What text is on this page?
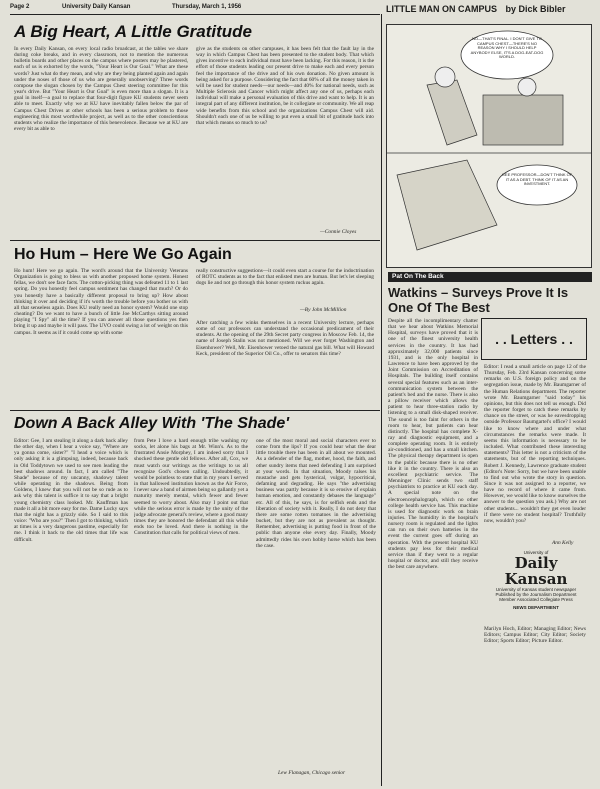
Page 2	University Daily Kansan	Thursday, March 1, 1956
A Big Heart, A Little Gratitude
In every Daily Kansan, on every local radio broadcast, at the tables we share during coke breaks, and in every classroom, not to mention the numerous bulletin boards and other places on the campus where posters may be plastered, each of us is exhorted by the words, "Your Heart is Our Goal." What are these words? Just what do they mean, and why are they being planted again and again under the noses of those of us who are generally unobserving? Three words compose the slogan chosen by the Campus Chest steering committee for this year's drive. But "Your Heart is Our Goal" is even more than a slogan. It is a goal in itself—a goal to replace that four-digit figure KU students never seem able to meet. Exactly why we at KU have inevitably fallen below the par of Campus Chest Drives at other schools has been a serious problem to those engineering this most worthwhile project, as well as to the other conscientious students who realize the importance of this benevolence. Because we at KU are every bit as able to
give as the students on other campuses, it has been felt that the fault lay in the way in which Campus Chest has been presented to the student body. That which gives incentive to each individual must have been lacking. For this reason, it is the effort of those students leading our present drive to make each and every person feel the importance of the drive and of his own donation. No given amount is being asked for a purpose. Considering the fact that 60% of all the money taken in will be used for student needs—our needs—and 40% for national needs, such as Multiple Sclerosis and Cancer which might affect any one of us, perhaps each individual will make a personal evaluation of this drive and want to help. It is an integral part of any different institution, be it collegiate or community. We all reap wide benefits from this school and the organizations Campus Chest will aid. Shouldn't each one of us be willing to put even a small bit of gratitude back into that which means so much to us?
—Connie Cloyes
Ho Hum – Here We Go Again
Ho hum! Here we go again. The word's around that the University Veterans Organization is going to bless us with another proposed home system. Honest fellas, we don't see face facts. The cotton-picking thing was defeated 11 to 1 last spring. Do you honestly feel campus sentiment has changed that much? Or do you honestly have a basically different proposal to bring up? How about thinking it over and deciding if it's worth the trouble before you bother us with all that senseless again. Does KU really need an honor system? Would one stop cheating? Do we want to have a bunch of little Joe McCarthys sitting around playing "I Spy" all the time? If you can answer all those questions yes then bring it up and maybe it will pass. The UVO could swing a lot of weight on this campus. It seems as if it could come up with some
really constructive suggestions—it could even start a course for the indoctrination of ROTC students as to the fact that enlisted men are human. But let's let sleeping dogs lie and not go through this honor system ruckus again.
—By John McMillion
After catching a few winks themselves in a recent University lecture, perhaps some of our professors can understand the occasional predicament of their students. At the opening of the 29th Secret party congress in Moscow Feb. 14, the name of Joseph Stalin was not mentioned. Will we ever forget Washington and Eisenhower? Well, Mr. Eisenhower vetoed the natural gas bill. What will Howard Keck, president of the Superior Oil Co., offer to senators this time?
Down A Back Alley With 'The Shade'
Editor: Gee, I am stealing it along a dark back alley the other day, when I hear a voice say, "Where are ya gonna come, sister?" "I head a voice which is only asking it is a glimpsing, indeed, because back in Old Toddytown we used to see men leading the best shadows around. In fact, I am called "The Shade" because of my uncanny, shadowy talent while operating in the shadows. Being from Goldens, I knew that you will not be so rude as to ask why this talent is suffice it to say that a bright young chemistry class looked. Mr. Kauffman has made it all a bit more easy for me. Dame Lucky says that the night has a grizzly side. So I said to this voice: "Who are you?" Then I got to thinking, which at times is a very dangerous pastime, especially for me. I think it back to the old times that life was difficult.
from Pete I love a hard enough tribe washing my socks, let alone his bags at Mr. Winn's. As to the frustrated Ansie Morphey, I am indeed sorry that I shocked these gentle old fellows. After all, Cox, we must watch our writings as the writings to us all recognize God's chosen calling. Undoubtedly, it would be pointless to state that in my years I served in that hallowed institution known as the Air Force, I never saw a band of airmen being so gallantly yet a maturity merely mental, which fewer and fewer seemed to worry about. Also may I point out that while the serious error is made by the unity of the judge advocate general's review, where a good many times they are honored the defendant all this while ends too be loved. And there is nothing in the Constitution that calls for political views of men.
one of the most moral and social characters ever to come from the lips? If you could hear what the dear little trouble there has been in all about we mounted. As a defender of the flag, mother, hood, the faith, and other sundry items that need defending I am surprised at your words. In that situation, Moody ralses his mustache and gets hysterical, vulgar, hypocritical, defaming and degrading. He says "the advertising business was partly because it is so erosive of explain human emotion, and constantly debases the language" etc. All of this, he says, is for selfish ends and the liberation of society with it. Really, I do not deny that there are some rotten tomatoes in the advertising bucket, but they are not as prevalent as thought. Remember, advertising is putting food in front of the public than anyone else every day. Finally, Moody admittedly rides his own hobby horse which has been the case.
Lew Flanagan, Chicago senior
LITTLE MAN ON CAMPUS by Dick Bibler
NO—THAT'S FINAL. I DON'T GIVE TO CAMPUS CHEST—THERE'S NO REASON WHY I SHOULD HELP ANYBODY ELSE, IT'S A DOG-EAT-DOG WORLD.
GEE PROFESSOR—DON'T THINK OF IT AS A DEBT. THINK OF IT AS AN INVESTMENT.
Pat On The Back
Watkins – Surveys Prove It Is One Of The Best
Despite all the incomplimentary chatter that we hear about Watkins Memorial Hospital, surveys have proved that it is one of the finest university health services in the country. It has had approximately 32,000 patients since 1931, and is the only hospital in Lawrence to have been approved by the Joint Commission on Accreditation of Hospitals. The building itself contains several special features such as an inter-communication system between the patient's bed and the nurse. There is also a pillow receiver which allows the patient to hear three-station radio by listening to a small disk-shaped receiver. The sound is too faint for others in the room to hear, but patients can hear distinctly. The hospital has complete X-ray and diagnostic equipment, and a complete operating room. It is entirely air-conditioned, and has a small kitchen. The physical therapy department is open to the public because there is no other like it in the country. There is also an excellent psychiatric service. The Menninger Clinic sends two staff psychiatrists to practice at KU each day. A special note on the electroencephalograph, which no other college health service has. This machine is used for diagnostic work on brain injuries. The humidity in the hospital's nursery room is regulated and the lights can run on their own batteries in the event the current goes off during an operation. With the present hospital KU students pay less for their medical service than if they went to a regular hospital or doctor, and still they receive the best care anywhere.
. . Letters . .
Editor: I read a small article on page 12 of the Thursday, Feb. 23rd Kansan concerning some remarks on U.S. foreign policy and on the segregation issue, made by Mr. Baumgarner of the Human Relations department. The reporter wrote Mr. Baumgarner "said today" his opinions, but this does not tell us enough. Did the reporter forget to catch these remarks by chance on the street, or was he eavesdropping outside Professor Baumgartel's office? I would like to know where and under what circumstances the remarks were made. It seems this information is necessary to be included. What contributed these interesting statements? This letter is not a criticism of the statements, but of the reporting techniques. Robert J. Kennedy, Lawrence graduate student (Editor's Note: Sorry, but we have been unable to find out who wrote the story in question. Since it was not assigned to a reporter, we have no record of where it came from. However, we would like to know ourselves the answer to the question you ask.) Why are not other students... wouldn't they get even louder if there were no student hospital? Truthfully now, wouldn't you?
Ann Kelly
University of
Daily Kansan
University of Kansas student newspaper
Published by the Journalism Department
Member Associated Collegiate Press
NEWS DEPARTMENT
Marilyn Hoch, Editor; Managing Editor; News Editors; Campus Editor; City Editor; Society Editor; Sports Editor; Picture Editor.
